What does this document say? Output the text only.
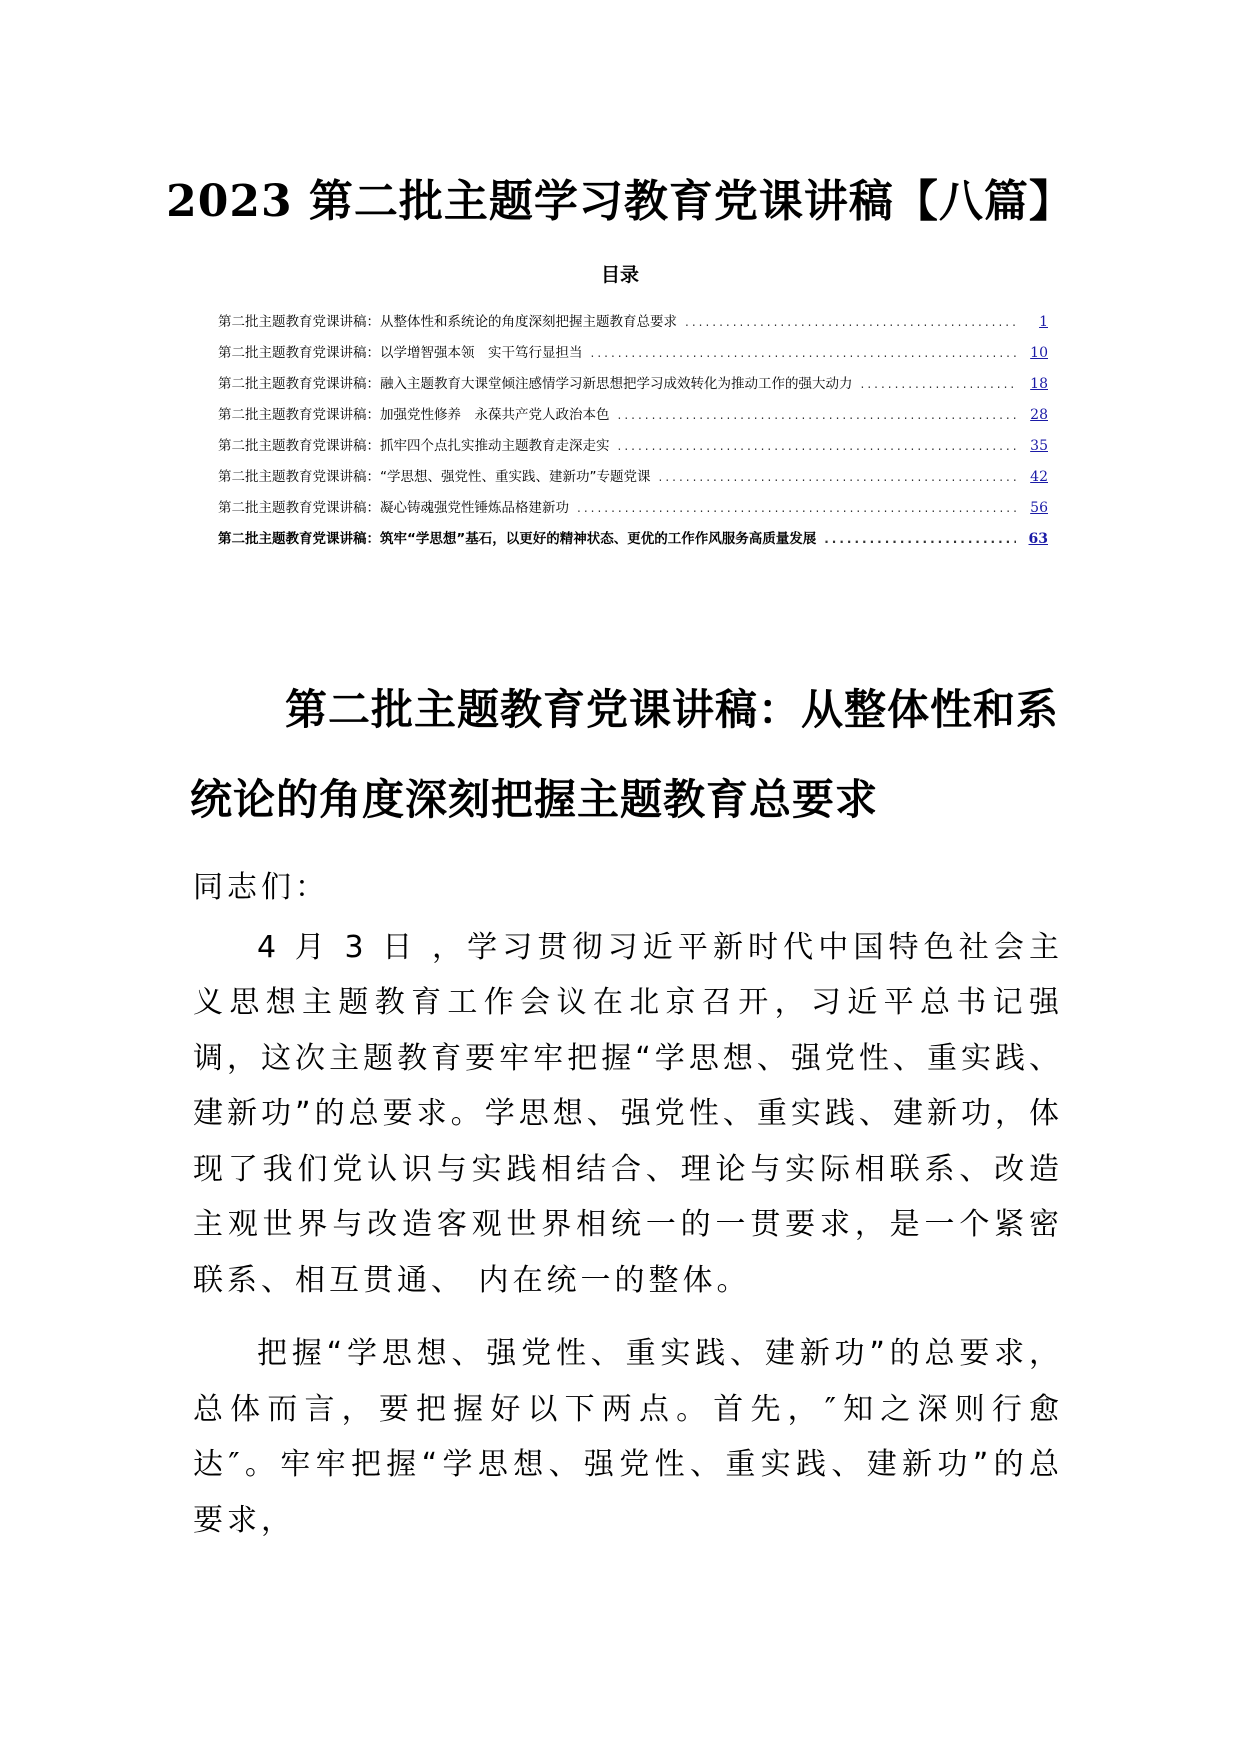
2023 第二批主题学习教育党课讲稿【八篇】
目录
第二批主题教育党课讲稿：从整体性和系统论的角度深刻把握主题教育总要求 .....	1
第二批主题教育党课讲稿：以学增智强本领　实干笃行显担当 .....	10
第二批主题教育党课讲稿：融入主题教育大课堂倾注感情学习新思想把学习成效转化为推动工作的强大动力 .....	18
第二批主题教育党课讲稿：加强党性修养　永葆共产党人政治本色 .....	28
第二批主题教育党课讲稿：抓牢四个点扎实推动主题教育走深走实 .....	35
第二批主题教育党课讲稿：“学思想、强党性、重实践、建新功”专题党课 .....	42
第二批主题教育党课讲稿：凝心铸魂强党性锤炼品格建新功 .....	56
第二批主题教育党课讲稿：筑牢“学思想”基石，以更好的精神状态、更优的工作作风服务高质量发展 .....	63
第二批主题教育党课讲稿：从整体性和系统论的角度深刻把握主题教育总要求

同志们：

4 月 3 日 ，学习贯彻习近平新时代中国特色社会主义思想主题教育工作会议在北京召开，习近平总书记强调，这次主题教育要牢牢把握“学思想、强党性、重实践、建新功”的总要求。学思想、强党性、重实践、建新功，体现了我们党认识与实践相结合、理论与实际相联系、改造主观世界与改造客观世界相统一的一贯要求，是一个紧密联系、相互贯通、 内在统一的整体。

把握“学思想、强党性、重实践、建新功”的总要求，总体而言，要把握好以下两点。首先，″知之深则行愈达″。牢牢把握“学思想、强党性、重实践、建新功”的总要求，
